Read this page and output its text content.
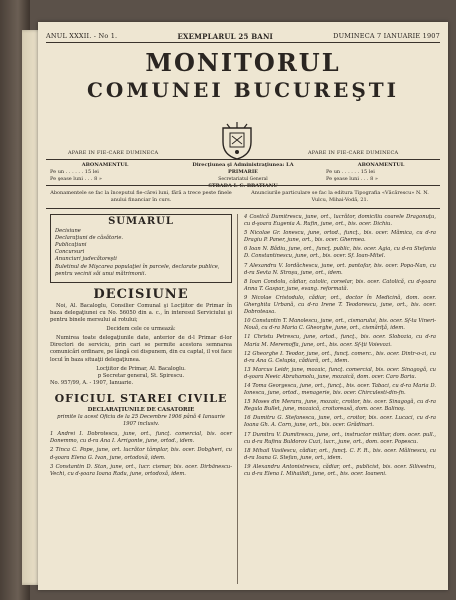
ANUL XXXII. - No 1.	EXEMPLARUL 25 BANI	DUMINECA 7 IANUARIE 1907
MONITORUL
COMUNEI BUCUREŞTI
APARE IN FIE-CARE DUMINECA	APARE IN FIE-CARE DUMINECA
ABONAMENTUL
Pe un . . . . . . 15 lei
Pe şease luni . . . 8 »
Direcţiunea şi Administraţiunea: LA PRIMARIE
Secretariatul General
STRADA I. C. BRATIANU
ABONAMENTUL
Pe un . . . . . . 15 lei
Pe şease luni . . . 8 »
Abonamentele se fac la începutul fie-cărei luni, fără a trece peste finele anului financiar în curs.
Anunciurile particulare se fac la editura Tipografia «Văcărescu» N. N. Vulcu, Mihai-Vodă, 21.
SUMARUL
Decisiune
Declaraţiuni de căsătorie.
Publicaţiuni
Concursuri
Anunciuri judecătoreşti
Buletinul de Mişcarea populaţiei în parcele, declarate publice, pentru vecinii săi unui mătrimonii.
DECISIUNE

Noi, Al. Bacaloglu, Consilier Comunal şi Locţiitor de Primar în baza delegaţiunei cu No. 56050 din a. c., în interesul Serviciului şi pentru binele mersului al rotului;

Decidem cele ce urmează:

Numirea toate delegaţiunile date, anterior de d-l Primar d-lor Directori de serviciu, prin cari se permite acestora semnarea comunicări ordinare, pe lângă cei dispunem, din cu captal, il voi face locul în baza situaţii delegaţiunea.

Locţiitor de Primar, Al. Bacaloglu.
p Secretar general, St. Spirescu.
No. 957/99, A. - 1907, Ianuarie.
OFICIUL STAREI CIVILE
DECLARAŢIUNILE DE CASATORIE
primite la acest Oficiu de la 25 Decembre 1906 până 4 Ianuarie 1907 inclusiv.
1 Andrei I. Dobrotescu, june, ort., funcţ. comercial, bis. ocer Donemmo, cu d-ra Ana I. Arrigonte, june, ortod., idem.
2 Tinca C. Pope, june, ort. lucrător tâmplar, bis. ocer. Dobgheri, cu d-şoara Elena G. Ivan, june, ortodoxă, idem.
3 Constantin D. Stan, june, ort., lucr. cismar, bis. ocer. Dirbänescu-Vechi, cu d-şoara Ioana Radu, june, ortodoxă, idem.
4 Costică Dumitrescu, june, ort., lucrător, domiciliu coarele Dragonuţu, cu d-şoara Eugenia A. Rufin, june, ort., bis. ocer. Dichiu.
5 Nicolae Gr. Ionescu, june, ortod., funcţ., bis. ocer. Mămica, cu d-ra Dragiu P. Paner, june, ort., bis. ocer. Ghermea.
6 Ioan N. Bădiu, june, ort., funcţ. public, bis. ocer. Agia, cu d-ra Stefania D. Constantinescu, june, ort., bis. ocer. Sf. Ioan-Mitel.
7 Alexandru V. Iordăchescu, june, ort. pantofar, bis. ocer. Popa-Nan, cu d-ra Sevta N. Stroşu, june, ort., idem.
8 Ioan Condolu, cădiar, catolic, corselar, bis. ocer. Catolică, cu d-şoara Anna T. Gaspar, june, evang. reformată.
9 Nicolae Cristodulo, cădiar, ort., doctor în Medicină, dom. ocer. Gherghita Urbană, cu d-ra Irene T. Teodorescu, june, ort., bis. ocer. Dobroteasa.
10 Constantin T. Manolescu, june, ort., cismarului, bis. ocer. Sf-ta Vineri-Nouă, cu d-ra Maria C. Gheorghe, june, ort., cismăriţă, idem.
11 Christu Petrescu, june, ortod., funcţ., bis. ocer. Slobozia, cu d-ra Maria M. Meremoffa, june, ort., bis. ocer. Sf-ţii Voievozi.
12 Gheorghe I. Teodor, june, ort., funcţ. comerc., bis. ocer. Dintr-o-zi, cu d-ra Ana G. Celupia, cădiară, ort., idem.
13 Marcus Leidr, june, mozaic, funcţ. comercial, bis. ocer. Sinagogă, cu d-şoara Neeic Abrahamolu, june, mozaică, dom. ocer. Caro Bariu.
14 Toma Georgescu, june, ort., funcţ., bis. ocer. Tabaci, cu d-ra Maria D. Ionescu, june, ortod., menagerie, bis. ocer. Chirculesti-din-fn.
15 Moses din Meraru, june, mozaic, croitor, bis. ocer. Sinagogă, cu d-ra Regula Bullet, june, mozaică, croitoreasă, dom. ocer. Balinoş.
16 Dumitru G. Stefanescu, june, ort., croitor, bis. ocer. Lucaci, cu d-ra Ioana Gh. A. Corn, june, ort., bis. ocer. Grădinari.
17 Dumitru V. Dumitrescu, june, ort., instructor militar, dom. ocer. pull., cu d-ra Rufinu Buldorov Cuzi, lucr., june, ort., dom. ocer. Popescu.
18 Mihail Vasilescu, cădiar, ort., funcţ. C. F. R., bis. ocer. Mălinescu, cu d-ra Ioana G. Stefan, june, ort., idem.
19 Alexandru Antonistrescu, cădiar, ort., publicist, bis. ocer. Silivestru, cu d-ra Elena I. Mihailidi, june, ort., bis. ocer. Ioaneni.
